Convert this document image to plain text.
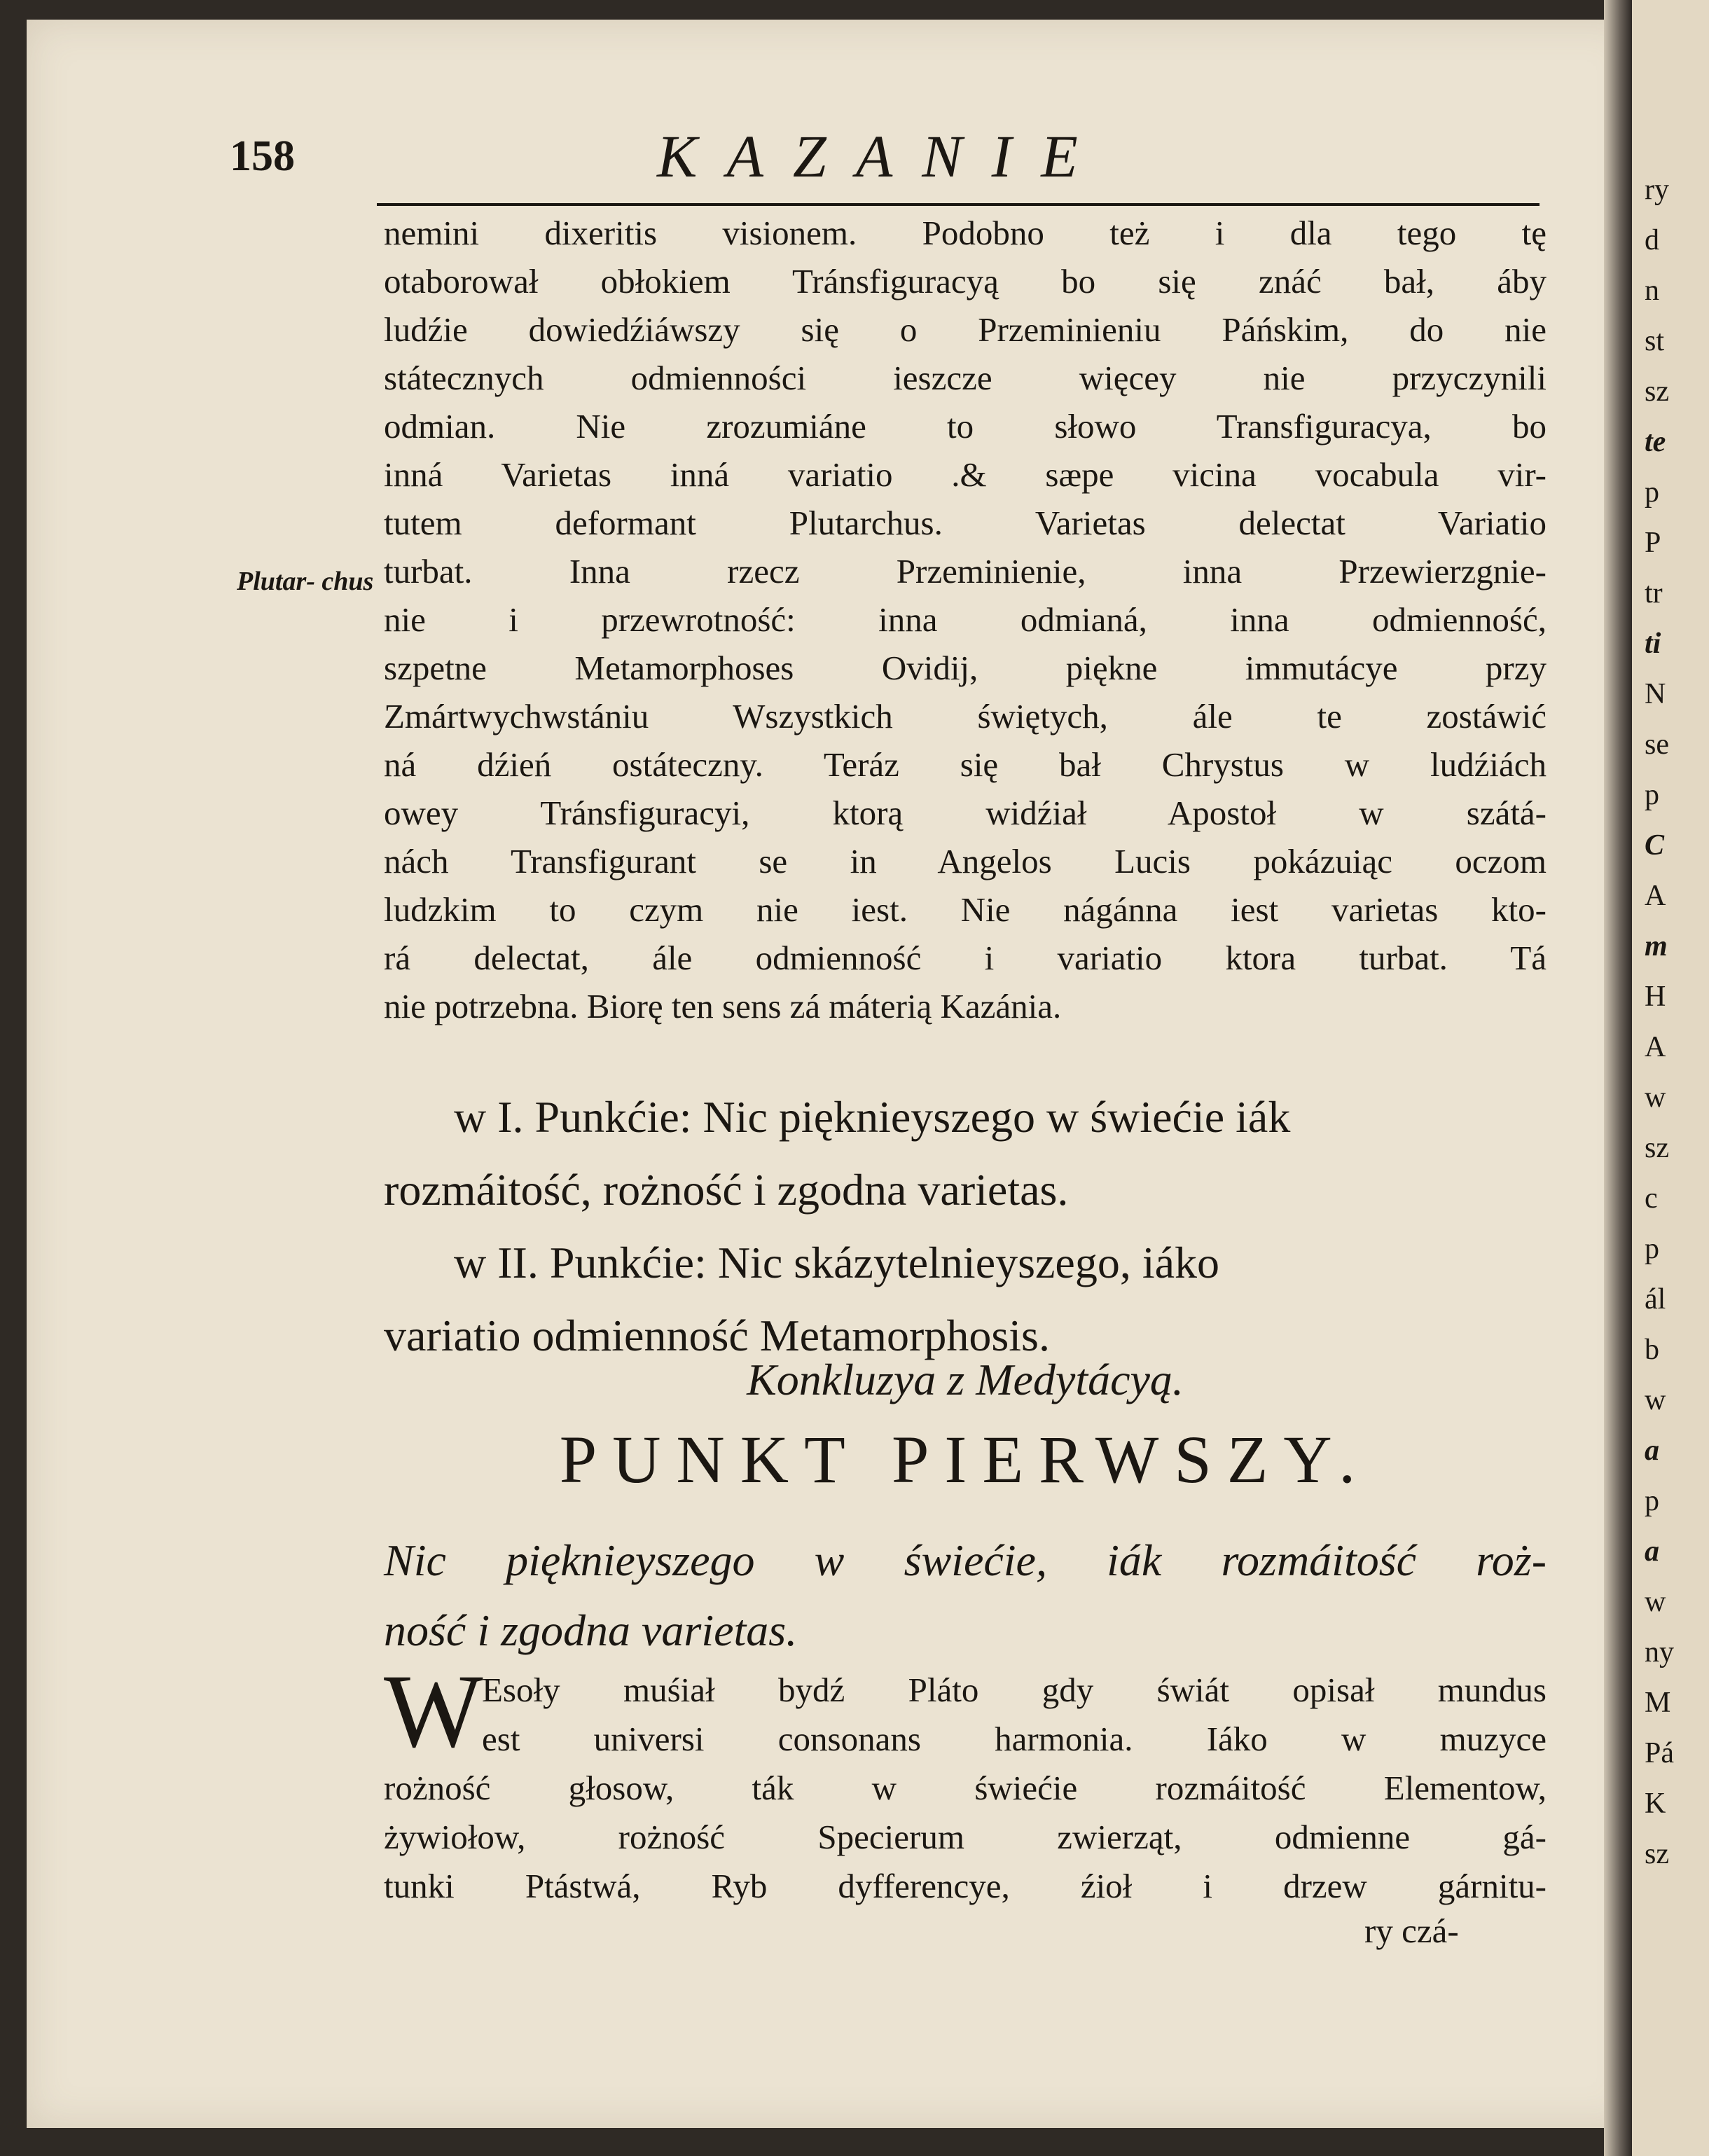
158	KAZANIE
Plutar- chus
nemini dixeritis visionem. Podobno też i dla tego tę
otaborował obłokiem Tránsfiguracyą bo się znáć bał, áby
ludźie dowiedźiáwszy się o Przeminieniu Páńskim, do nie
státecznych odmienności ieszcze więcey nie przyczynili
odmian. Nie zrozumiáne to słowo Transfiguracya, bo
inná Varietas inná variatio .& sæpe vicina vocabula vir-
tutem deformant Plutarchus. Varietas delectat Variatio
turbat. Inna rzecz Przeminienie, inna Przewierzgnie-
nie i przewrotność: inna odmianá, inna odmienność,
szpetne Metamorphoses Ovidij, piękne immutácye przy
Zmártwychwstániu Wszystkich świętych, ále te zostáwić
ná dźień ostáteczny. Teráz się bał Chrystus w ludźiách
owey Tránsfiguracyi, ktorą widźiał Apostoł w szátá-
nách Transfigurant se in Angelos Lucis pokázuiąc oczom
ludzkim to czym nie iest. Nie nágánna iest varietas kto-
rá delectat, ále odmienność i variatio ktora turbat. Tá
nie potrzebna. Biorę ten sens zá máterią Kazánia.
w I. Punkćie: Nic pięknieyszego w świećie iák
rozmáitość, rożność i zgodna varietas.
w II. Punkćie: Nic skázytelnieyszego, iáko
variatio odmienność Metamorphosis.
Konkluzya z Medytácyą.
PUNKT PIERWSZY.
Nic pięknieyszego w świećie, iák rozmáitość roż-
ność i zgodna varietas.
W
Esoły muśiał bydź Pláto gdy świát opisał mundus
est universi consonans harmonia. Iáko w muzyce
rożność głosow, ták w świećie rozmáitość Elementow,
żywiołow, rożność Specierum zwierząt, odmienne gá-
tunki Ptástwá, Ryb dyfferencye, źioł i drzew gárnitu-
ry czá-
ry
d
n
st
sz
te
p
P
tr
ti
N
se
p
C
A
m
H
A
w
sz
c
p
ál
b
w
a
p
a
w
ny
M
Pá
K
sz
